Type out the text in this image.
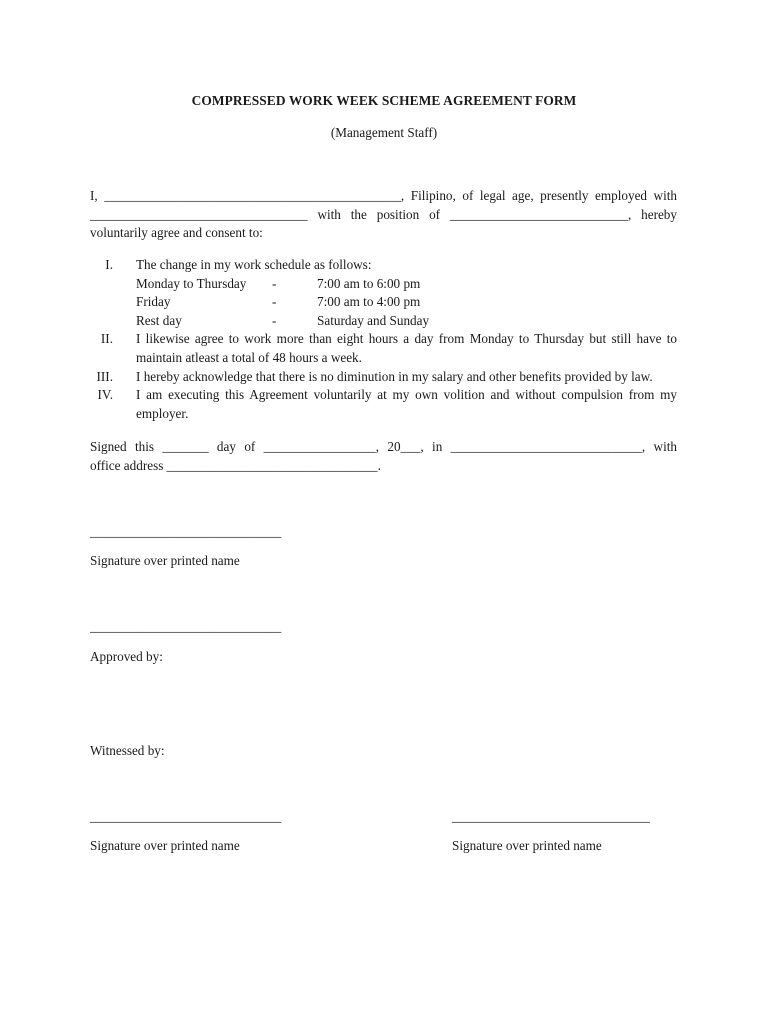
COMPRESSED WORK WEEK SCHEME AGREEMENT FORM
(Management Staff)
I, _____________________________________________, Filipino, of legal age, presently employed with
_________________________________ with the position of ___________________________, hereby
voluntarily agree and consent to:
I. The change in my work schedule as follows:
Monday to Thursday	-	7:00 am to 6:00 pm
Friday	-	7:00 am to 4:00 pm
Rest day	-	Saturday and Sunday
II. I likewise agree to work more than eight hours a day from Monday to Thursday but still have to
maintain atleast a total of 48 hours a week.
III. I hereby acknowledge that there is no diminution in my salary and other benefits provided by law.
IV. I am executing this Agreement voluntarily at my own volition and without compulsion from my
employer.
Signed this _______ day of _________________, 20___, in _____________________________, with
office address ________________________________.
_____________________________
Signature over printed name
_____________________________
Approved by:
Witnessed by:
_____________________________	______________________________
Signature over printed name	Signature over printed name
